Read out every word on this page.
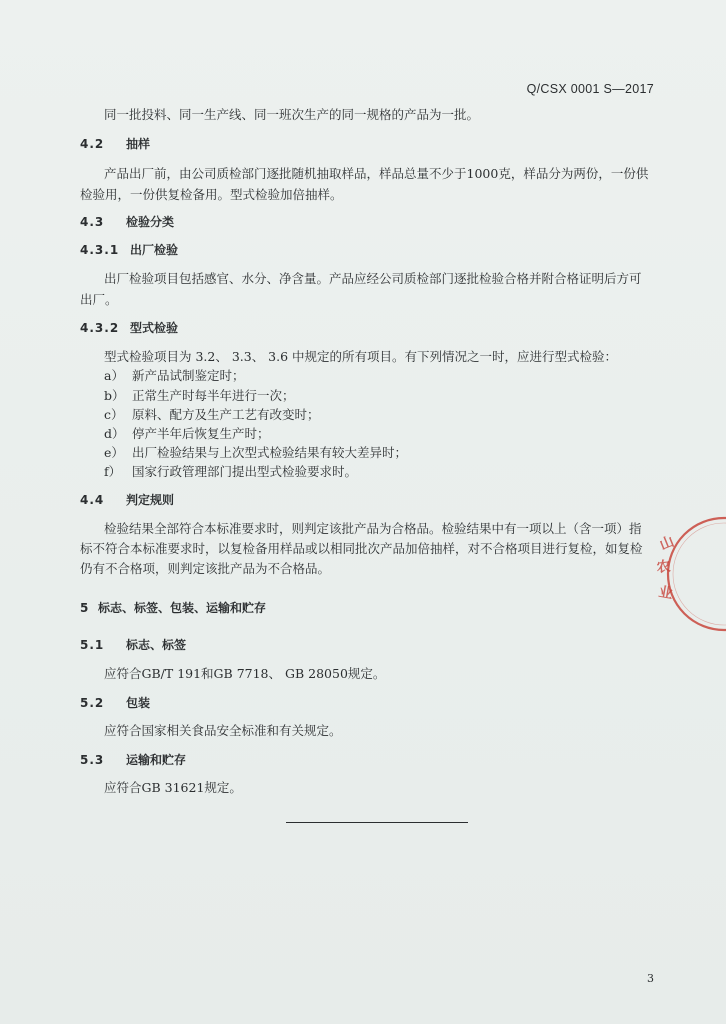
Q/CSX 0001 S—2017
同一批投料、同一生产线、同一班次生产的同一规格的产品为一批。
4.2 抽样
产品出厂前，由公司质检部门逐批随机抽取样品，样品总量不少于1000克，样品分为两份，一份供
检验用，一份供复检备用。型式检验加倍抽样。
4.3 检验分类
4.3.1 出厂检验
出厂检验项目包括感官、水分、净含量。产品应经公司质检部门逐批检验合格并附合格证明后方可
出厂。
4.3.2 型式检验
型式检验项目为 3.2、 3.3、 3.6 中规定的所有项目。有下列情况之一时，应进行型式检验：
a） 新产品试制鉴定时；
b） 正常生产时每半年进行一次；
c） 原料、配方及生产工艺有改变时；
d） 停产半年后恢复生产时；
e） 出厂检验结果与上次型式检验结果有较大差异时；
f） 国家行政管理部门提出型式检验要求时。
4.4 判定规则
检验结果全部符合本标准要求时，则判定该批产品为合格品。检验结果中有一项以上（含一项）指
标不符合本标准要求时，以复检备用样品或以相同批次产品加倍抽样，对不合格项目进行复检，如复检
仍有不合格项，则判定该批产品为不合格品。
5 标志、标签、包装、运输和贮存
5.1 标志、标签
应符合GB/T 191和GB 7718、 GB 28050规定。
5.2 包装
应符合国家相关食品安全标准和有关规定。
5.3 运输和贮存
应符合GB 31621规定。
3
山
农
业
